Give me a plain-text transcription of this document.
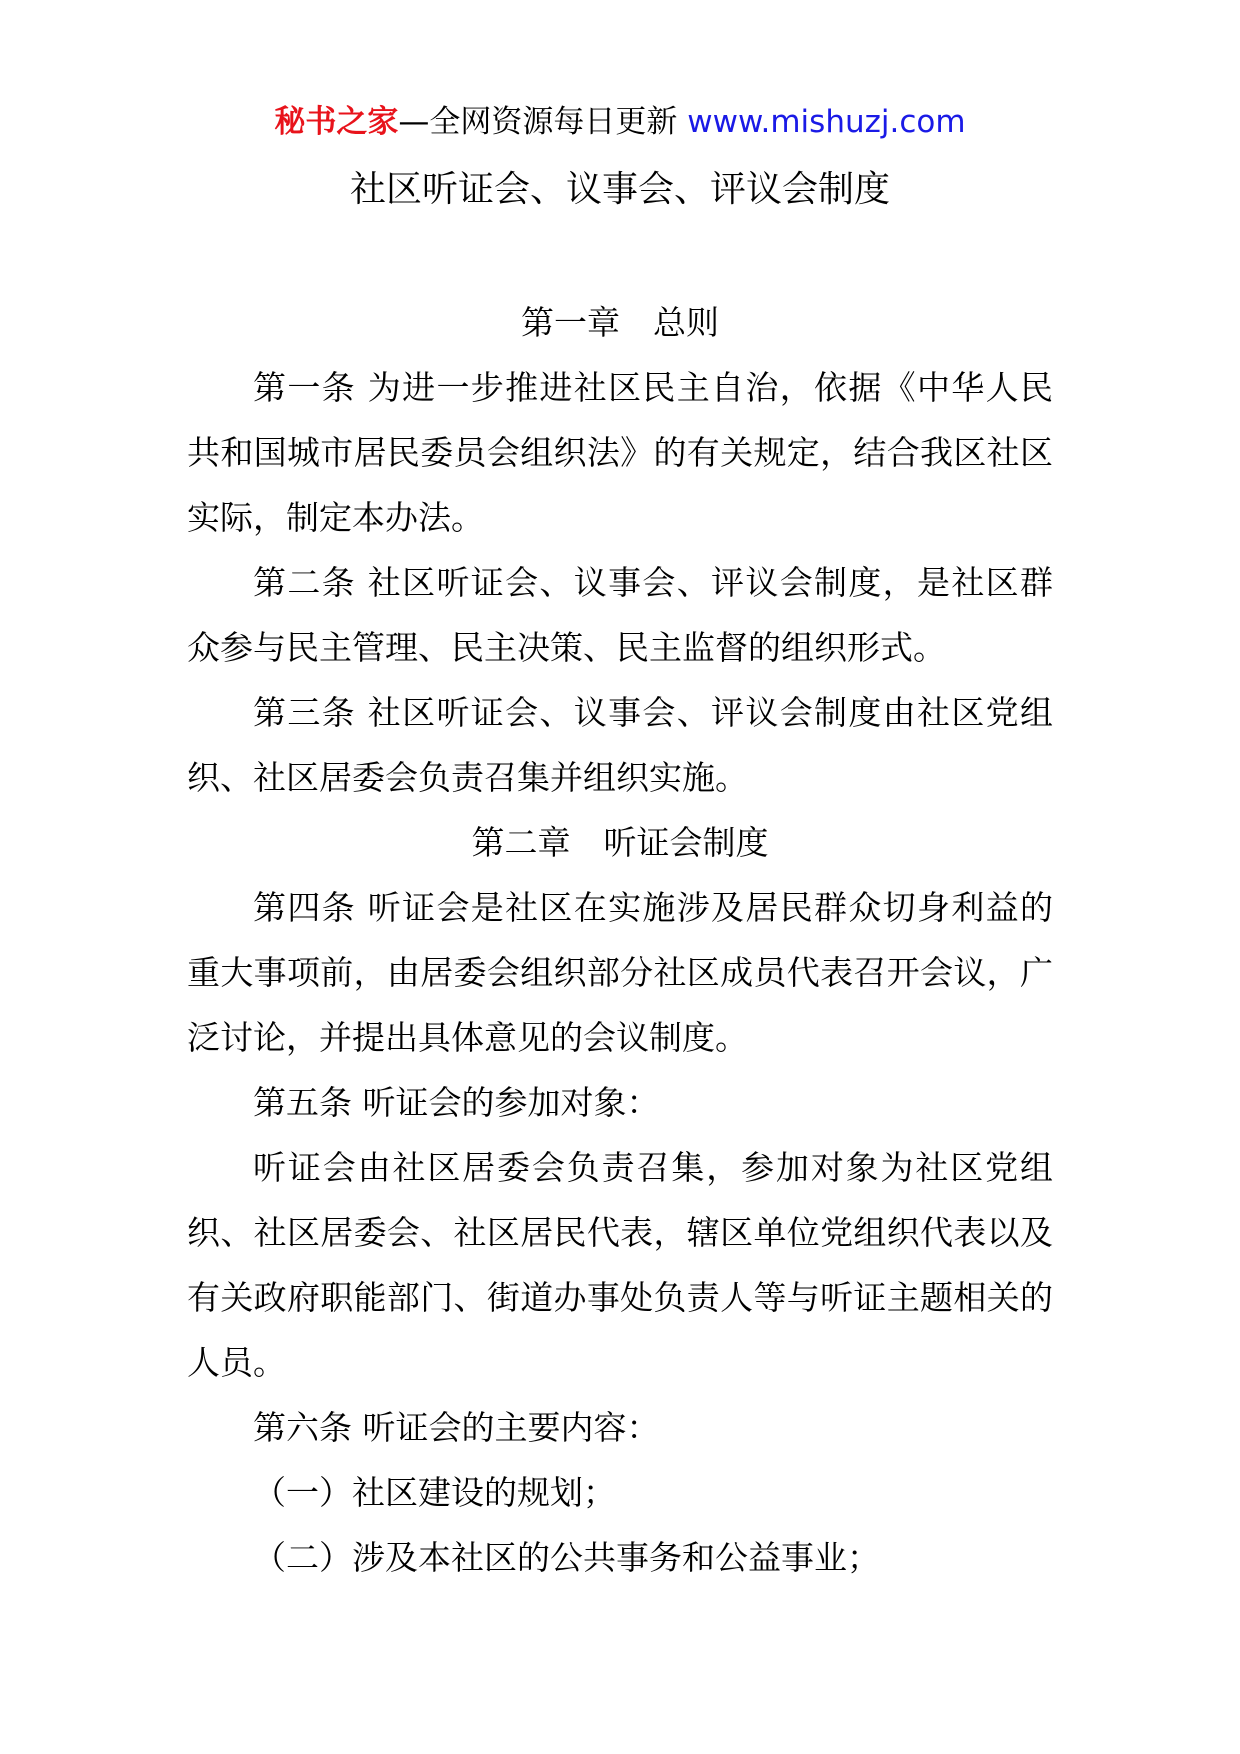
秘书之家—全网资源每日更新 www.mishuzj.com
社区听证会、议事会、评议会制度

第一章　总则

第一条 为进一步推进社区民主自治，依据《中华人民共和国城市居民委员会组织法》的有关规定，结合我区社区实际，制定本办法。

第二条 社区听证会、议事会、评议会制度，是社区群众参与民主管理、民主决策、民主监督的组织形式。

第三条 社区听证会、议事会、评议会制度由社区党组织、社区居委会负责召集并组织实施。

第二章　听证会制度

第四条 听证会是社区在实施涉及居民群众切身利益的重大事项前，由居委会组织部分社区成员代表召开会议，广泛讨论，并提出具体意见的会议制度。

第五条 听证会的参加对象：

听证会由社区居委会负责召集，参加对象为社区党组织、社区居委会、社区居民代表，辖区单位党组织代表以及有关政府职能部门、街道办事处负责人等与听证主题相关的人员。

第六条 听证会的主要内容：

（一）社区建设的规划；

（二）涉及本社区的公共事务和公益事业；
